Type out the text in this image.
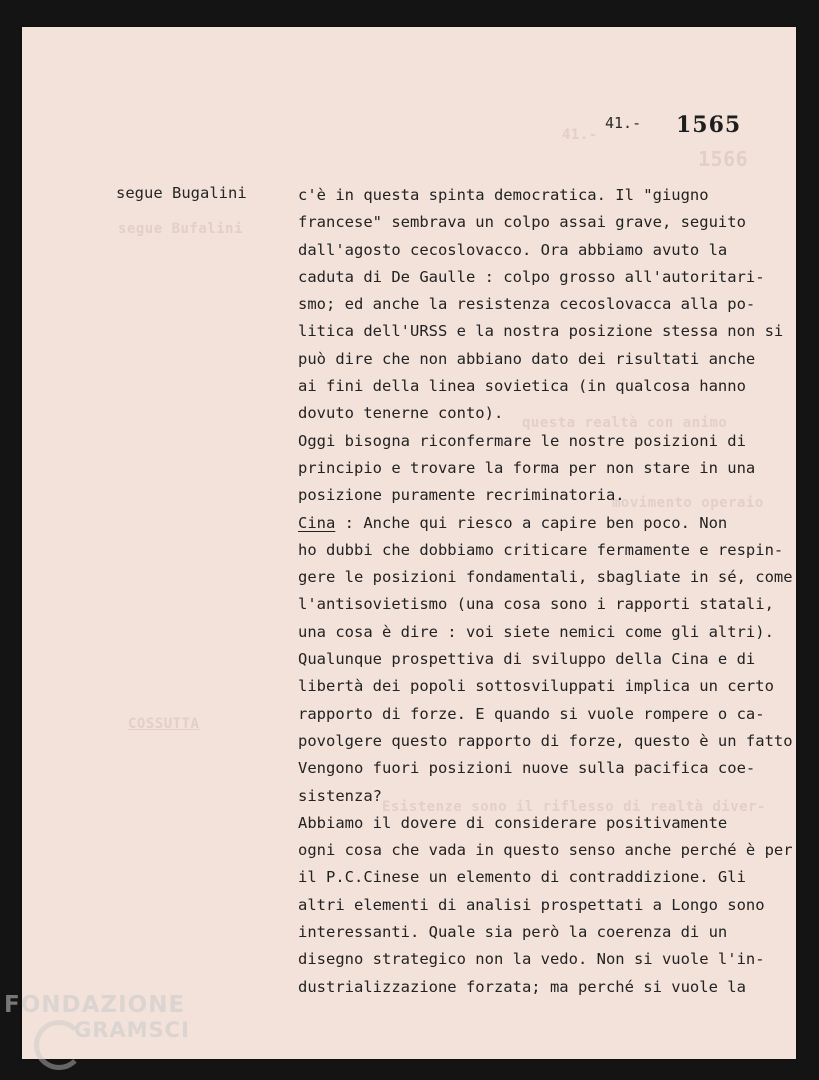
41.-
1566
segue Bufalini
COSSUTTA
questa realtà con animo
movimento operaio
Esistenze sono il riflesso di realtà diver-
41.- 1565
segue Bugalini	c'è in questa spinta democratica. Il "giugno
francese" sembrava un colpo assai grave, seguito
dall'agosto cecoslovacco. Ora abbiamo avuto la
caduta di De Gaulle : colpo grosso all'autoritari-
smo; ed anche la resistenza cecoslovacca alla po-
litica dell'URSS e la nostra posizione stessa non si
può dire che non abbiano dato dei risultati anche
ai fini della linea sovietica (in qualcosa hanno
dovuto tenerne conto).
Oggi bisogna riconfermare le nostre posizioni di
principio e trovare la forma per non stare in una
posizione puramente recriminatoria.
Cina : Anche qui riesco a capire ben poco. Non
ho dubbi che dobbiamo criticare fermamente e respin-
gere le posizioni fondamentali, sbagliate in sé, come
l'antisovietismo (una cosa sono i rapporti statali,
una cosa è dire : voi siete nemici come gli altri).
Qualunque prospettiva di sviluppo della Cina e di
libertà dei popoli sottosviluppati implica un certo
rapporto di forze. E quando si vuole rompere o ca-
povolgere questo rapporto di forze, questo è un fatto
Vengono fuori posizioni nuove sulla pacifica coe-
sistenza?
Abbiamo il dovere di considerare positivamente
ogni cosa che vada in questo senso anche perché è per
il P.C.Cinese un elemento di contraddizione. Gli
altri elementi di analisi prospettati a Longo sono
interessanti. Quale sia però la coerenza di un
disegno strategico non la vedo. Non si vuole l'in-
dustrializzazione forzata; ma perché si vuole la
FONDAZIONE
GRAMSCI
